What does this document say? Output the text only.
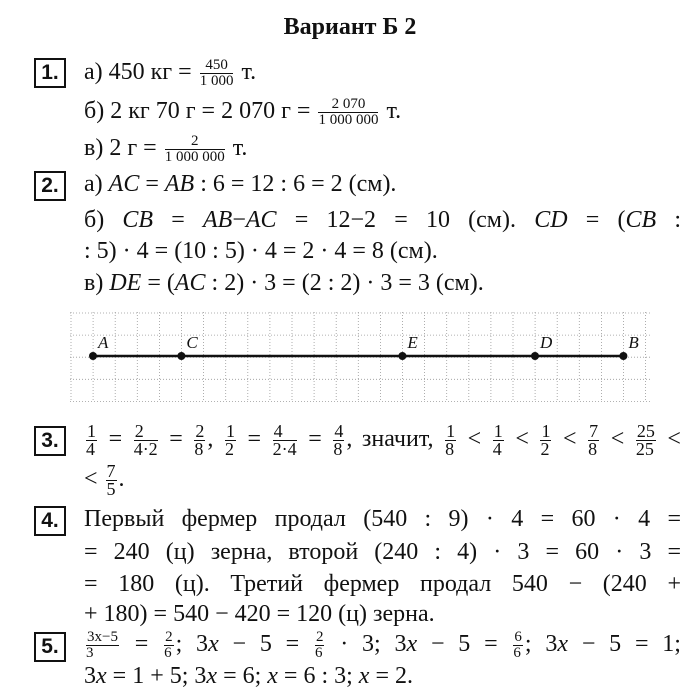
Вариант Б 2
1.	а) 450 кг = $\frac{450}{1 000} т$.
б) 2 кг 70 г = 2 070 $г = \frac{2 070}{1 000 000} т$.
в) 2 $г = \frac{2}{1 000 000} т$.
2.	а) AC = AB : 6 = 12 : 6 = 2 (см).
б) CB = AB−AC = 12−2 = 10 (см). CD = (CB :
: 5) · 4 = (10 : 5) · 4 = 2 · 4 = 8 (см).
в) DE = (AC : 2) · 3 = (2 : 2) · 3 = 3 (см).
A	C	E	D	B
3.	$\frac{1}{4} = \frac{2}{4\cdot 2} = \frac{2}{8}$ , $\frac{1}{2} = \frac{4}{2\cdot 4} = \frac{4}{8}$ , значит, $\frac{1}{8} < \frac{1}{4} < \frac{1}{2} < \frac{7}{8} < \frac{25}{25}$ <
< $\frac{7}{5}$ .
4.	Первый фермер продал (540 : 9) · 4 = 60 · 4 =
= 240 (ц) зерна, второй (240 : 4) · 3 = 60 · 3 =
= 180 (ц). Третий фермер продал 540 − (240 +
+ 180) = 540 − 420 = 120 (ц) зерна.
5.	$\frac{3x-5}{3} = \frac{2}{6}$ ; $3x - 5 = \frac{2}{6} \cdot 3$; $3x - 5 = \frac{6}{6}$ ; 3x − 5 = 1;
3x = 1 + 5; 3x = 6; x = 6 : 3; x = 2.
